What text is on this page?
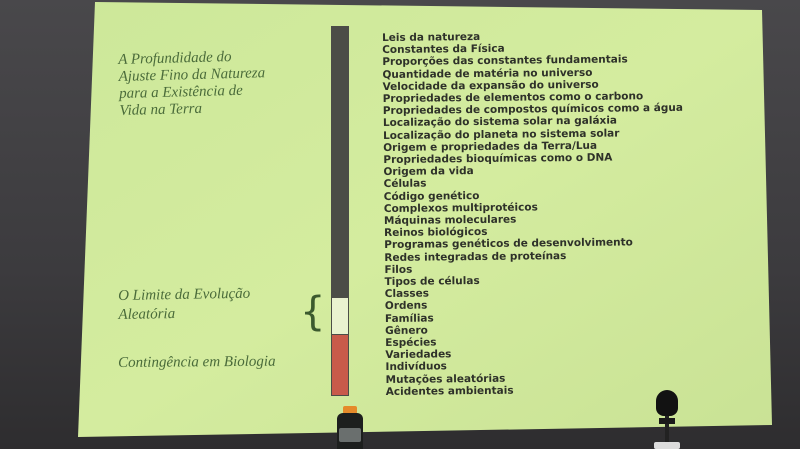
A Profundidade do
Ajuste Fino da Natureza
para a Existência de
Vida na Terra
O Limite da Evolução
Aleatória	{
Contingência em Biologia
Leis da natureza
Constantes da Física
Proporções das constantes fundamentais
Quantidade de matéria no universo
Velocidade da expansão do universo
Propriedades de elementos como o carbono
Propriedades de compostos químicos como a água
Localização do sistema solar na galáxia
Localização do planeta no sistema solar
Origem e propriedades da Terra/Lua
Propriedades bioquímicas como o DNA
Origem da vida
Células
Código genético
Complexos multiprotéicos
Máquinas moleculares
Reinos biológicos
Programas genéticos de desenvolvimento
Redes integradas de proteínas
Filos
Tipos de células
Classes
Ordens
Famílias
Gênero
Espécies
Variedades
Indivíduos
Mutações aleatórias
Acidentes ambientais
